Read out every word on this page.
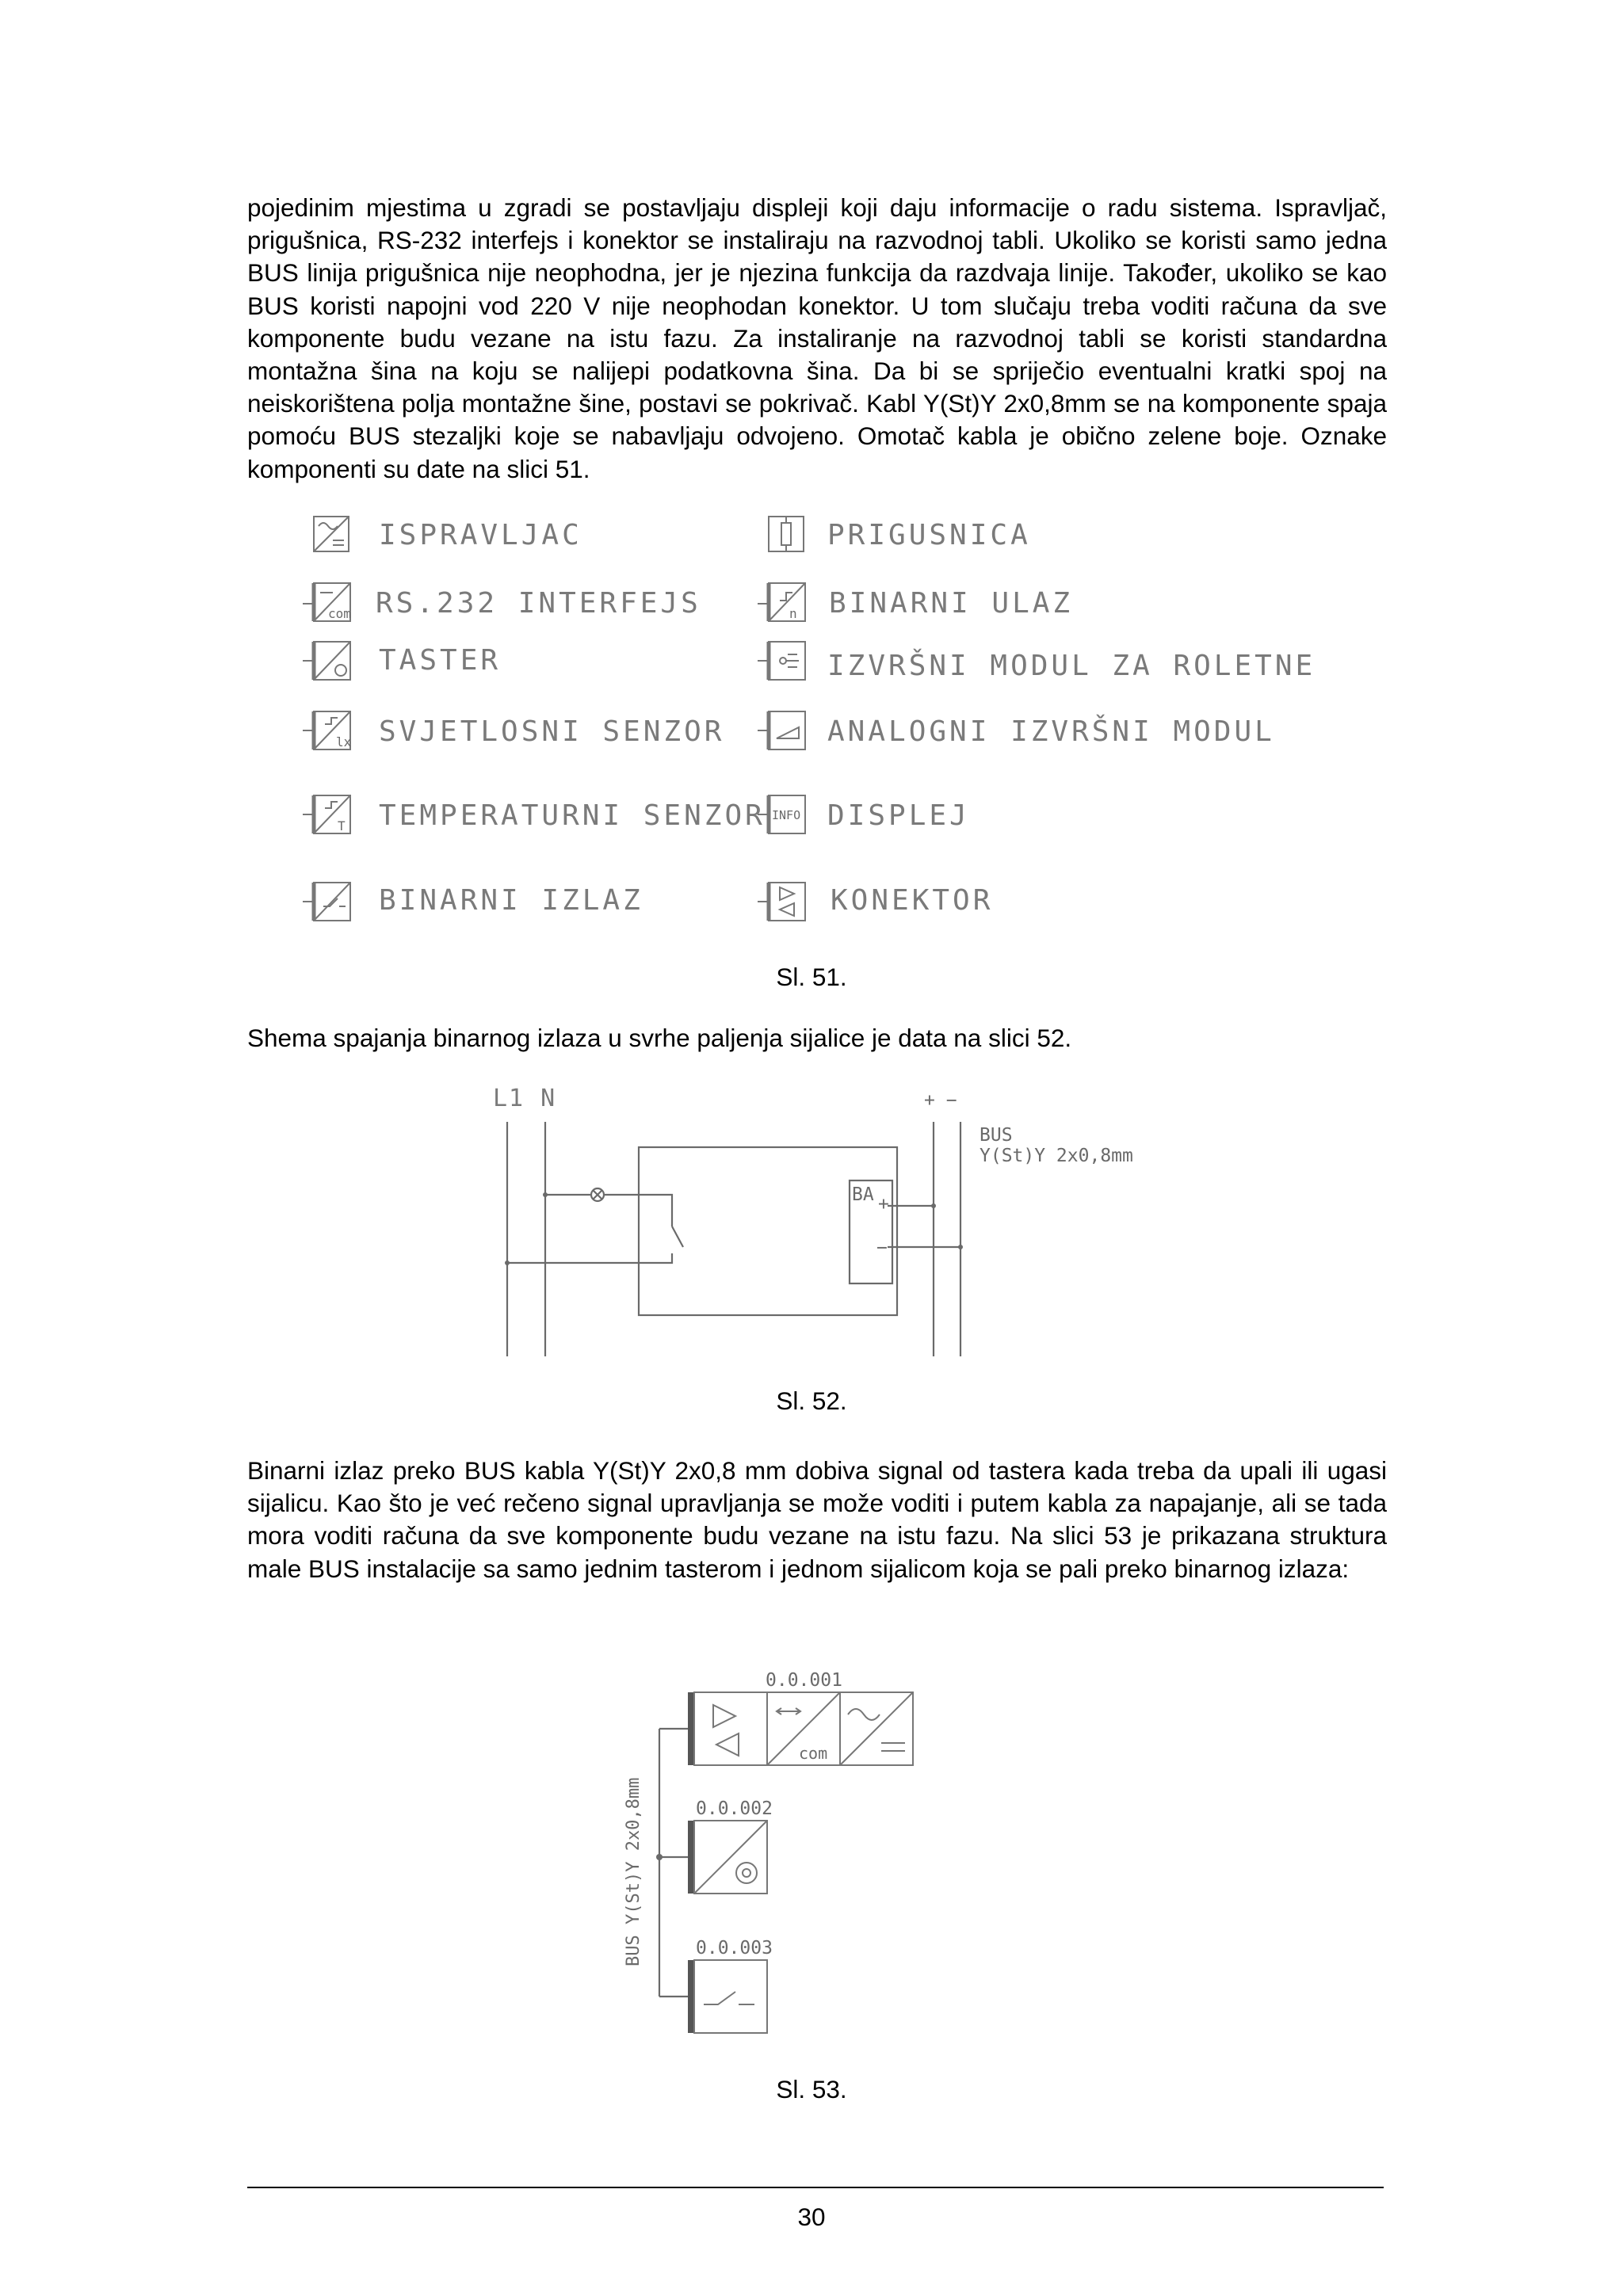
pojedinim mjestima u zgradi se postavljaju displeji koji daju informacije o radu sistema. Ispravljač, prigušnica, RS-232 interfejs i konektor se instaliraju na razvodnoj tabli. Ukoliko se koristi samo jedna BUS linija prigušnica nije neophodna, jer je njezina funkcija da razdvaja linije. Također, ukoliko se kao BUS koristi napojni vod 220 V nije neophodan konektor. U tom slučaju treba voditi računa da sve komponente budu vezane na istu fazu. Za instaliranje na razvodnoj tabli se koristi standardna montažna šina na koju se nalijepi podatkovna šina. Da bi se spriječio eventualni kratki spoj na neiskorištena polja montažne šine, postavi se pokrivač. Kabl Y(St)Y 2x0,8mm se na komponente spaja pomoću BUS stezaljki koje se nabavljaju odvojeno. Omotač kabla je obično zelene boje. Oznake komponenti su date na slici 51.

ISPRAVLJAC
com RS.232 INTERFEJS
TASTER
lx SVJETLOSNI SENZOR
T TEMPERATURNI SENZOR
BINARNI IZLAZ
PRIGUSNICA
n BINARNI ULAZ
IZVRŠNI MODUL ZA ROLETNE
ANALOGNI IZVRŠNI MODUL
INFO DISPLEJ
KONEKTOR

Sl. 51.

Shema spajanja binarnog izlaza u svrhe paljenja sijalice je data na slici 52.

L1 N	+ −
BUS
Y(St)Y 2x0,8mm
BA +
−

Sl. 52.

Binarni izlaz preko BUS kabla Y(St)Y 2x0,8 mm dobiva signal od tastera kada treba da upali ili ugasi sijalicu. Kao što je već rečeno signal upravljanja se može voditi i putem kabla za napajanje, ali se tada mora voditi računa da sve komponente budu vezane na istu fazu. Na slici 53 je prikazana struktura male BUS instalacije sa samo jednim tasterom i jednom sijalicom koja se pali preko binarnog izlaza:

BUS Y(St)Y 2x0,8mm
0.0.001
com
0.0.002
0.0.003

Sl. 53.

30
